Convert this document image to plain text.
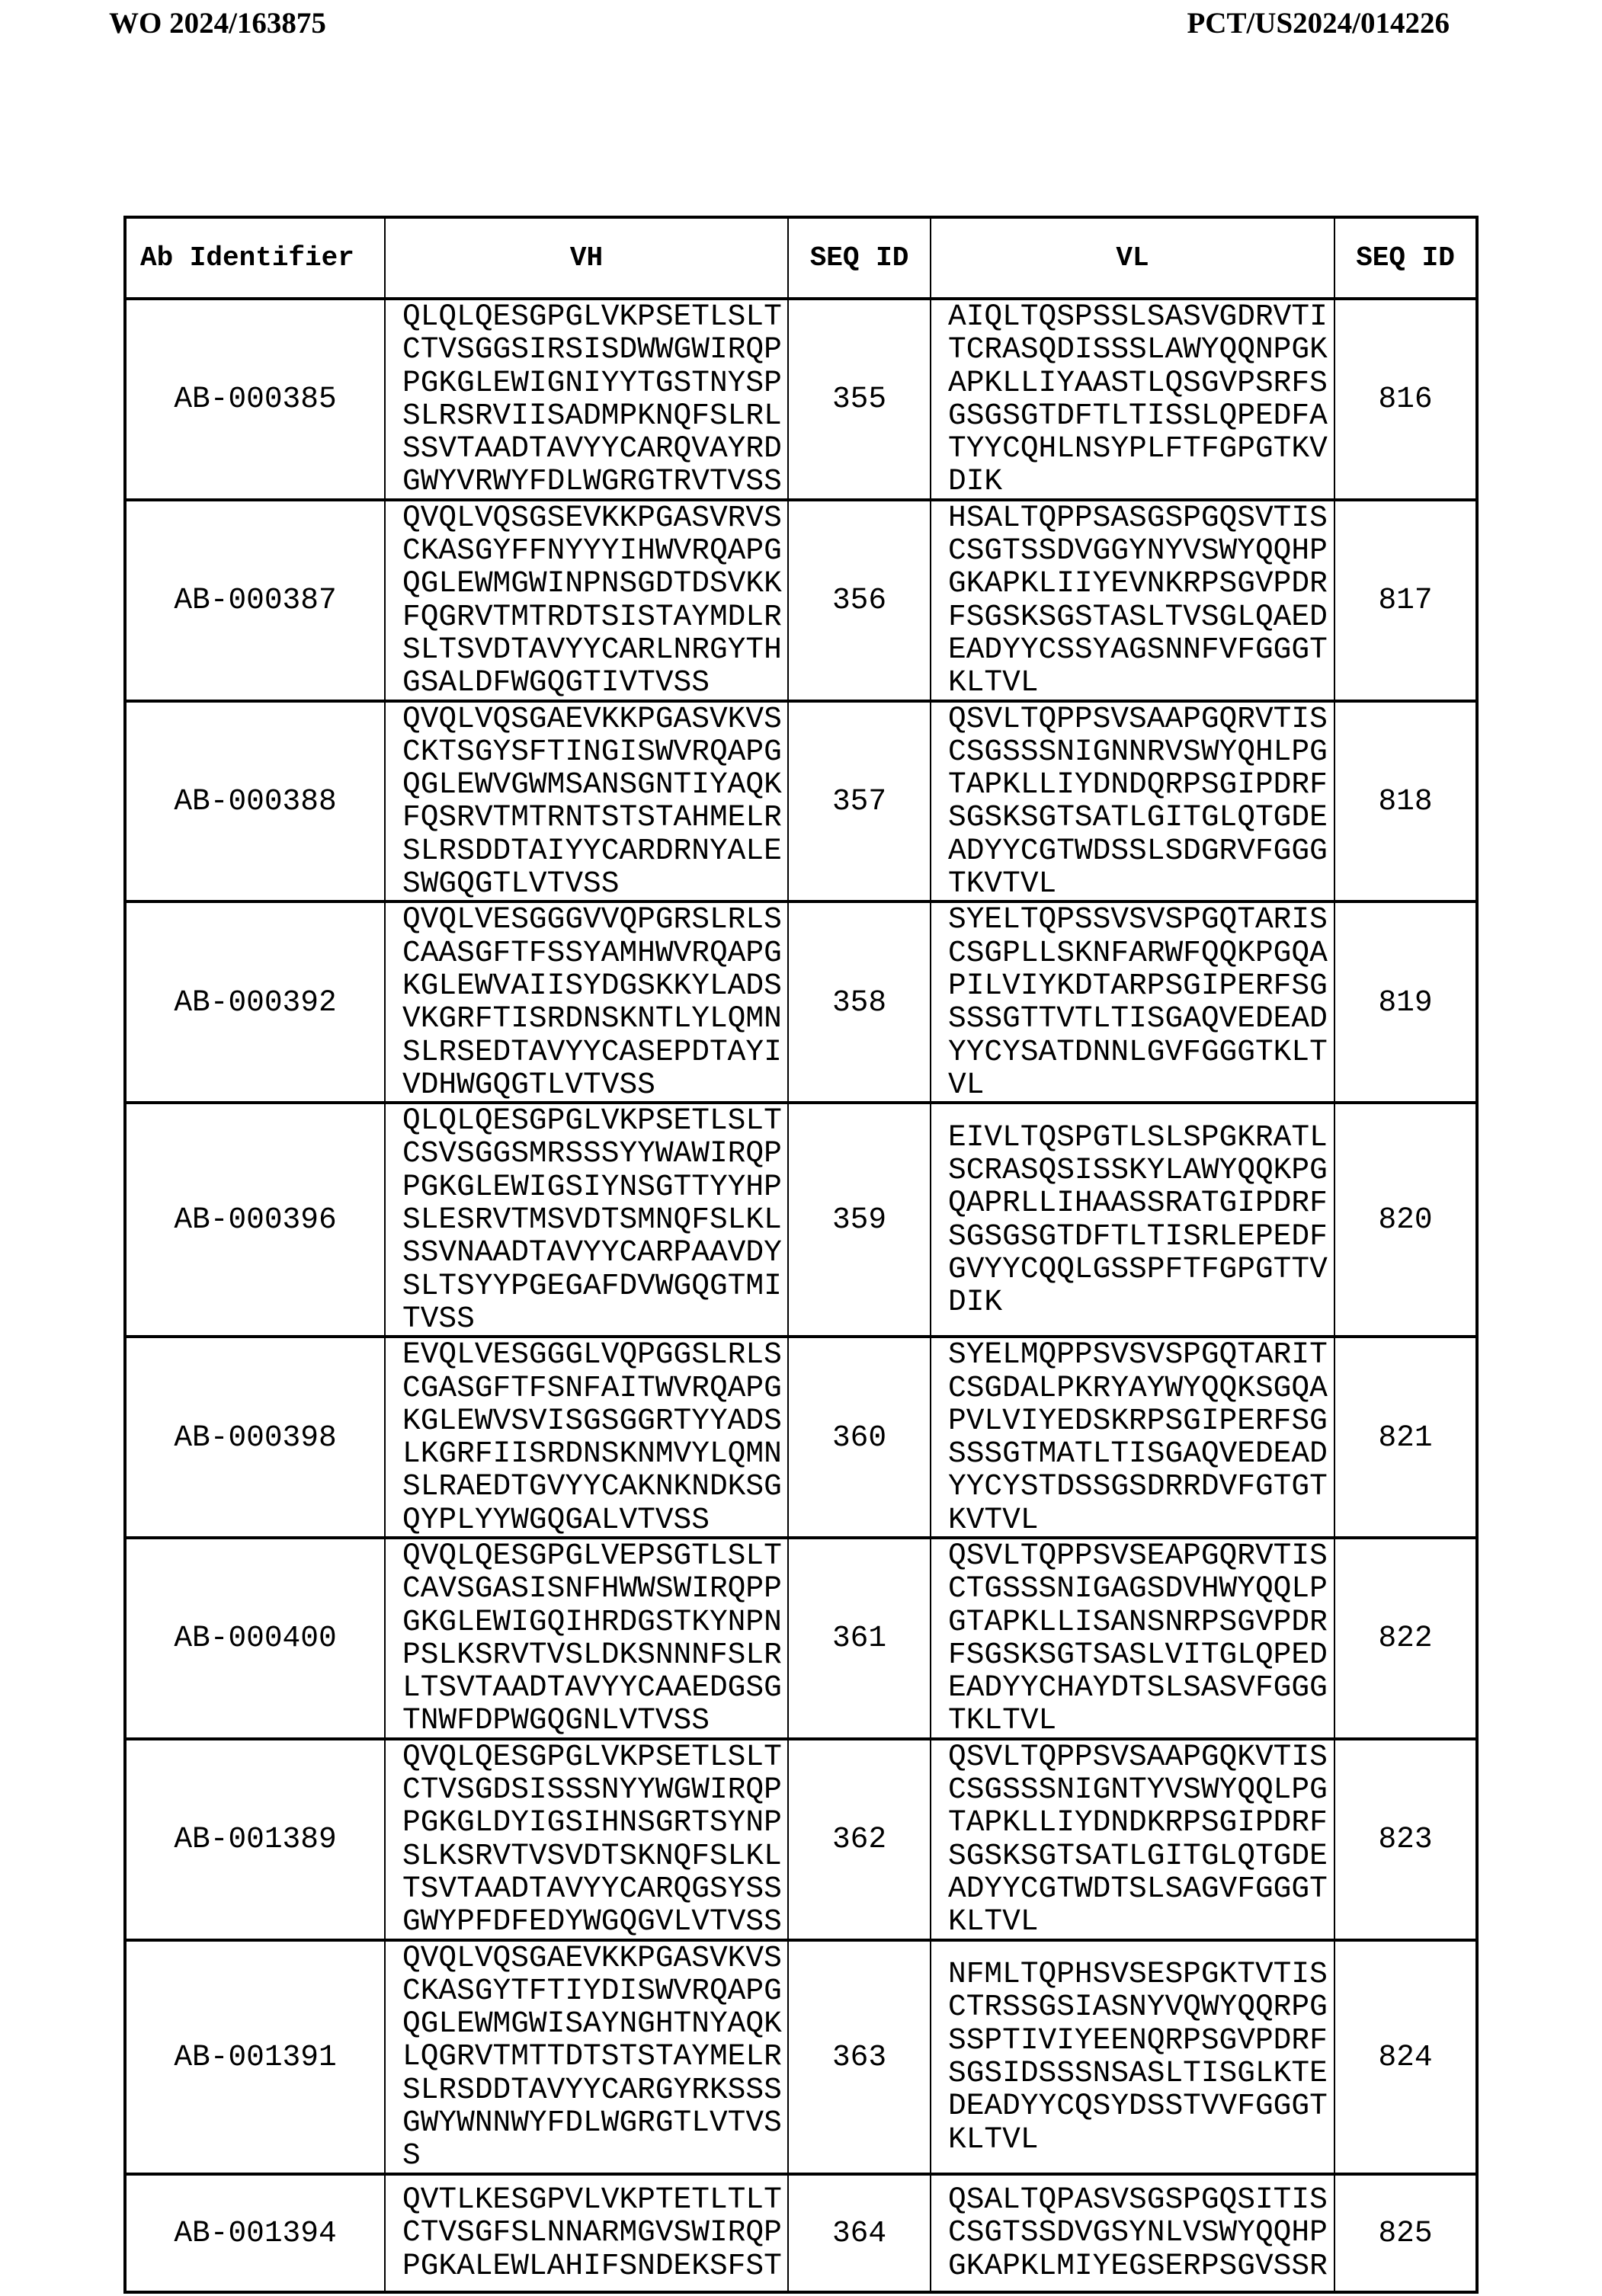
WO 2024/163875	PCT/US2024/014226
Ab Identifier	VH	SEQ ID	VL	SEQ ID
AB-000385	
QLQLQESGPGLVKPSETLSLT
CTVSGGSIRSISDWWGWIRQP
PGKGLEWIGNIYYTGSTNYSP
SLRSRVIISADMPKNQFSLRL
SSVTAADTAVYYCARQVAYRD
GWYVRWYFDLWGRGTRVTVSS
	355	
AIQLTQSPSSLSASVGDRVTI
TCRASQDISSSLAWYQQNPGK
APKLLIYAASTLQSGVPSRFS
GSGSGTDFTLTISSLQPEDFA
TYYCQHLNSYPLFTFGPGTKV
DIK
	816
AB-000387	
QVQLVQSGSEVKKPGASVRVS
CKASGYFFNYYYIHWVRQAPG
QGLEWMGWINPNSGDTDSVKK
FQGRVTMTRDTSISTAYMDLR
SLTSVDTAVYYCARLNRGYTH
GSALDFWGQGTIVTVSS
	356	
HSALTQPPSASGSPGQSVTIS
CSGTSSDVGGYNYVSWYQQHP
GKAPKLIIYEVNKRPSGVPDR
FSGSKSGSTASLTVSGLQAED
EADYYCSSYAGSNNFVFGGGT
KLTVL
	817
AB-000388	
QVQLVQSGAEVKKPGASVKVS
CKTSGYSFTINGISWVRQAPG
QGLEWVGWMSANSGNTIYAQK
FQSRVTMTRNTSTSTAHMELR
SLRSDDTAIYYCARDRNYALE
SWGQGTLVTVSS
	357	
QSVLTQPPSVSAAPGQRVTIS
CSGSSSNIGNNRVSWYQHLPG
TAPKLLIYDNDQRPSGIPDRF
SGSKSGTSATLGITGLQTGDE
ADYYCGTWDSSLSDGRVFGGG
TKVTVL
	818
AB-000392	
QVQLVESGGGVVQPGRSLRLS
CAASGFTFSSYAMHWVRQAPG
KGLEWVAIISYDGSKKYLADS
VKGRFTISRDNSKNTLYLQMN
SLRSEDTAVYYCASEPDTAYI
VDHWGQGTLVTVSS
	358	
SYELTQPSSVSVSPGQTARIS
CSGPLLSKNFARWFQQKPGQA
PILVIYKDTARPSGIPERFSG
SSSGTTVTLTISGAQVEDEAD
YYCYSATDNNLGVFGGGTKLT
VL
	819
AB-000396	
QLQLQESGPGLVKPSETLSLT
CSVSGGSMRSSSYYWAWIRQP
PGKGLEWIGSIYNSGTTYYHP
SLESRVTMSVDTSMNQFSLKL
SSVNAADTAVYYCARPAAVDY
SLTSYYPGEGAFDVWGQGTMI
TVSS
	359	
EIVLTQSPGTLSLSPGKRATL
SCRASQSISSKYLAWYQQKPG
QAPRLLIHAASSRATGIPDRF
SGSGSGTDFTLTISRLEPEDF
GVYYCQQLGSSPFTFGPGTTV
DIK
	820
AB-000398	
EVQLVESGGGLVQPGGSLRLS
CGASGFTFSNFAITWVRQAPG
KGLEWVSVISGSGGRTYYADS
LKGRFIISRDNSKNMVYLQMN
SLRAEDTGVYYCAKNKNDKSG
QYPLYYWGQGALVTVSS
	360	
SYELMQPPSVSVSPGQTARIT
CSGDALPKRYAYWYQQKSGQA
PVLVIYEDSKRPSGIPERFSG
SSSGTMATLTISGAQVEDEAD
YYCYSTDSSGSDRRDVFGTGT
KVTVL
	821
AB-000400	
QVQLQESGPGLVEPSGTLSLT
CAVSGASISNFHWWSWIRQPP
GKGLEWIGQIHRDGSTKYNPN
PSLKSRVTVSLDKSNNNFSLR
LTSVTAADTAVYYCAAEDGSG
TNWFDPWGQGNLVTVSS
	361	
QSVLTQPPSVSEAPGQRVTIS
CTGSSSNIGAGSDVHWYQQLP
GTAPKLLISANSNRPSGVPDR
FSGSKSGTSASLVITGLQPED
EADYYCHAYDTSLSASVFGGG
TKLTVL
	822
AB-001389	
QVQLQESGPGLVKPSETLSLT
CTVSGDSISSSNYYWGWIRQP
PGKGLDYIGSIHNSGRTSYNP
SLKSRVTVSVDTSKNQFSLKL
TSVTAADTAVYYCARQGSYSS
GWYPFDFEDYWGQGVLVTVSS
	362	
QSVLTQPPSVSAAPGQKVTIS
CSGSSSNIGNTYVSWYQQLPG
TAPKLLIYDNDKRPSGIPDRF
SGSKSGTSATLGITGLQTGDE
ADYYCGTWDTSLSAGVFGGGT
KLTVL
	823
AB-001391	
QVQLVQSGAEVKKPGASVKVS
CKASGYTFTIYDISWVRQAPG
QGLEWMGWISAYNGHTNYAQK
LQGRVTMTTDTSTSTAYMELR
SLRSDDTAVYYCARGYRKSSS
GWYWNNWYFDLWGRGTLVTVS
S
	363	
NFMLTQPHSVSESPGKTVTIS
CTRSSGSIASNYVQWYQQRPG
SSPTIVIYEENQRPSGVPDRF
SGSIDSSSNSASLTISGLKTE
DEADYYCQSYDSSTVVFGGGT
KLTVL
	824
AB-001394	
QVTLKESGPVLVKPTETLTLT
CTVSGFSLNNARMGVSWIRQP
PGKALEWLAHIFSNDEKSFST
	364	
QSALTQPASVSGSPGQSITIS
CSGTSSDVGSYNLVSWYQQHP
GKAPKLMIYEGSERPSGVSSR
	825
